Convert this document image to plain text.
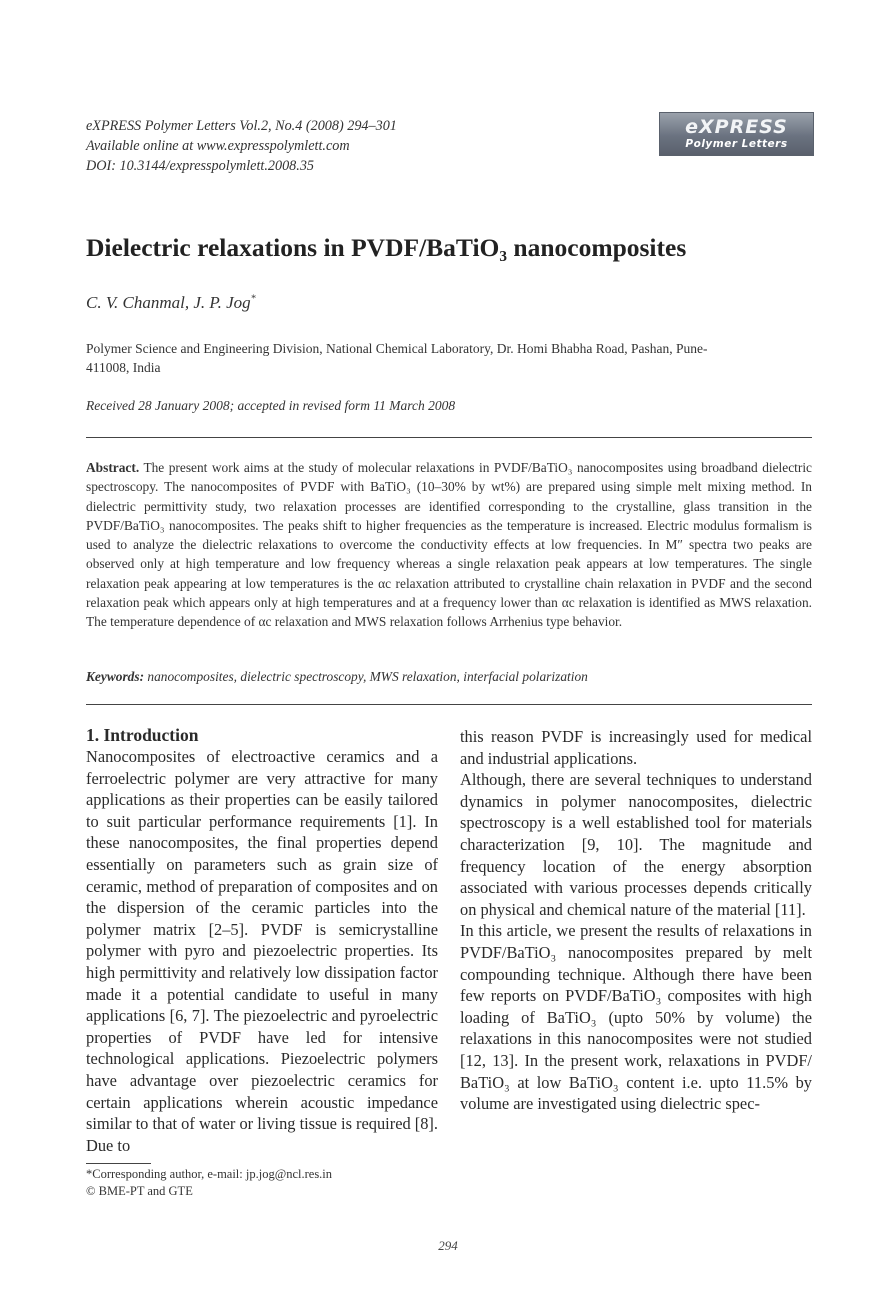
eXPRESS Polymer Letters Vol.2, No.4 (2008) 294–301
Available online at www.expresspolymlett.com
DOI: 10.3144/expresspolymlett.2008.35
eXPRESS
Polymer Letters
Dielectric relaxations in PVDF/BaTiO₃ nanocomposites
C. V. Chanmal, J. P. Jog*
Polymer Science and Engineering Division, National Chemical Laboratory, Dr. Homi Bhabha Road, Pashan, Pune-411008, India
Received 28 January 2008; accepted in revised form 11 March 2008
Abstract. The present work aims at the study of molecular relaxations in PVDF/BaTiO₃ nanocomposites using broadband dielectric spectroscopy. The nanocomposites of PVDF with BaTiO₃ (10–30% by wt%) are prepared using simple melt mixing method. In dielectric permittivity study, two relaxation processes are identified corresponding to the crystalline, glass transition in the PVDF/BaTiO₃ nanocomposites. The peaks shift to higher frequencies as the temperature is increased. Electric modulus formalism is used to analyze the dielectric relaxations to overcome the conductivity effects at low frequencies. In M″ spectra two peaks are observed only at high temperature and low frequency whereas a single relaxation peak appears at low temperatures. The single relaxation peak appearing at low temperatures is the αc relaxation attributed to crystalline chain relaxation in PVDF and the second relaxation peak which appears only at high temperatures and at a frequency lower than αc relaxation is identified as MWS relaxation. The temperature dependence of αc relaxation and MWS relaxation follows Arrhenius type behavior.
Keywords: nanocomposites, dielectric spectroscopy, MWS relaxation, interfacial polarization
1. Introduction

Nanocomposites of electroactive ceramics and a ferroelectric polymer are very attractive for many applications as their properties can be easily tailored to suit particular performance requirements [1]. In these nanocomposites, the final properties depend essentially on parameters such as grain size of ceramic, method of preparation of composites and on the dispersion of the ceramic particles into the polymer matrix [2–5]. PVDF is semicrystalline polymer with pyro and piezoelectric properties. Its high permittivity and relatively low dissipation factor made it a potential candidate to useful in many applications [6, 7]. The piezoelectric and pyroelectric properties of PVDF have led for intensive technological applications. Piezoelectric polymers have advantage over piezoelectric ceramics for certain applications wherein acoustic impedance similar to that of water or living tissue is required [8]. Due to

this reason PVDF is increasingly used for medical and industrial applications.

Although, there are several techniques to understand dynamics in polymer nanocomposites, dielectric spectroscopy is a well established tool for materials characterization [9, 10]. The magnitude and frequency location of the energy absorption associated with various processes depends critically on physical and chemical nature of the material [11].

In this article, we present the results of relaxations in PVDF/BaTiO₃ nanocomposites prepared by melt compounding technique. Although there have been few reports on PVDF/BaTiO₃ composites with high loading of BaTiO₃ (upto 50% by volume) the relaxations in this nanocomposites were not studied [12, 13]. In the present work, relaxations in PVDF/ BaTiO₃ at low BaTiO₃ content i.e. upto 11.5% by volume are investigated using dielectric spec-

*Corresponding author, e-mail: jp.jog@ncl.res.in
© BME-PT and GTE
294
